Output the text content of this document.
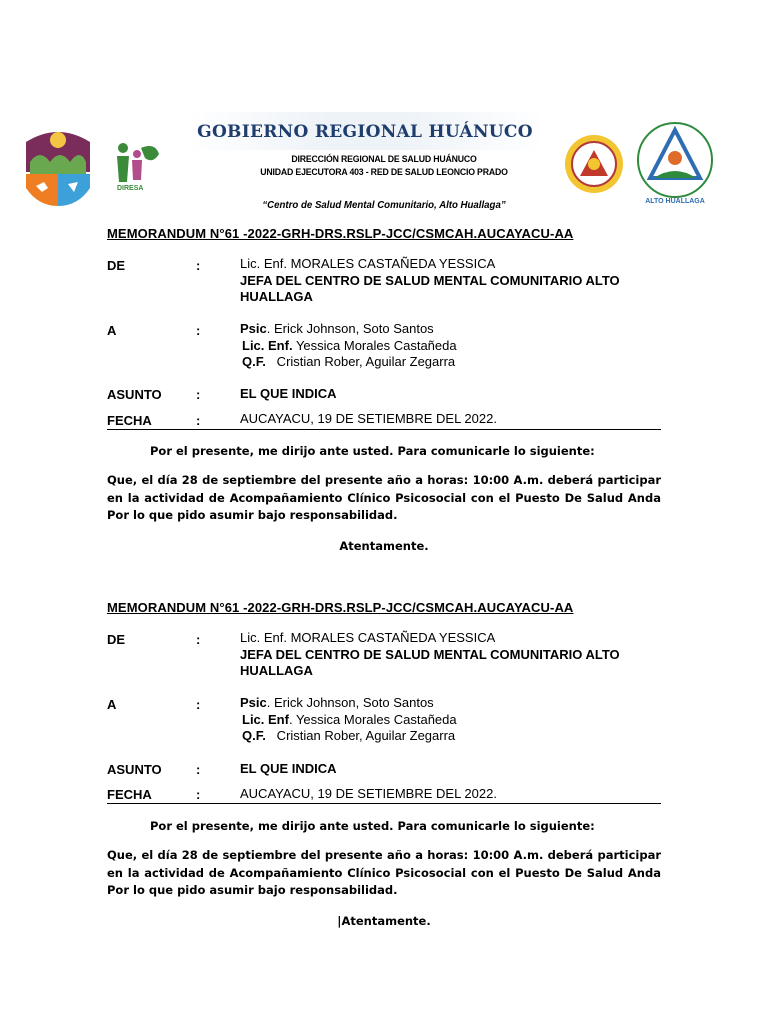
DIRESA
ALTO HUALLAGA
GOBIERNO REGIONAL HUÁNUCO
DIRECCIÓN REGIONAL DE SALUD HUÁNUCO
UNIDAD EJECUTORA 403 - RED DE SALUD LEONCIO PRADO
“Centro de Salud Mental Comunitario, Alto Huallaga”
MEMORANDUM N°61 -2022-GRH-DRS.RSLP-JCC/CSMCAH.AUCAYACU-AA
DE	:	Lic. Enf. MORALES CASTAÑEDA YESSICA
JEFA DEL CENTRO DE SALUD MENTAL COMUNITARIO ALTO HUALLAGA
A	:	Psic. Erick Johnson, Soto Santos
Lic. Enf. Yessica Morales Castañeda
Q.F.   Cristian Rober, Aguilar Zegarra
ASUNTO	:	EL QUE INDICA
FECHA	:	AUCAYACU, 19 DE SETIEMBRE DEL 2022.
Por el presente, me dirijo ante usted. Para comunicarle lo siguiente:
Que, el día 28 de septiembre del presente año a horas: 10:00 A.m. deberá participar en la actividad de Acompañamiento Clínico Psicosocial con el Puesto De Salud Anda Por lo que pido asumir bajo responsabilidad.
Atentamente.
MEMORANDUM N°61 -2022-GRH-DRS.RSLP-JCC/CSMCAH.AUCAYACU-AA
DE	:	Lic. Enf. MORALES CASTAÑEDA YESSICA
JEFA DEL CENTRO DE SALUD MENTAL COMUNITARIO ALTO HUALLAGA
A	:	Psic. Erick Johnson, Soto Santos
Lic. Enf. Yessica Morales Castañeda
Q.F.   Cristian Rober, Aguilar Zegarra
ASUNTO	:	EL QUE INDICA
FECHA	:	AUCAYACU, 19 DE SETIEMBRE DEL 2022.
Por el presente, me dirijo ante usted. Para comunicarle lo siguiente:
Que, el día 28 de septiembre del presente año a horas: 10:00 A.m. deberá participar en la actividad de Acompañamiento Clínico Psicosocial con el Puesto De Salud Anda Por lo que pido asumir bajo responsabilidad.
|Atentamente.
